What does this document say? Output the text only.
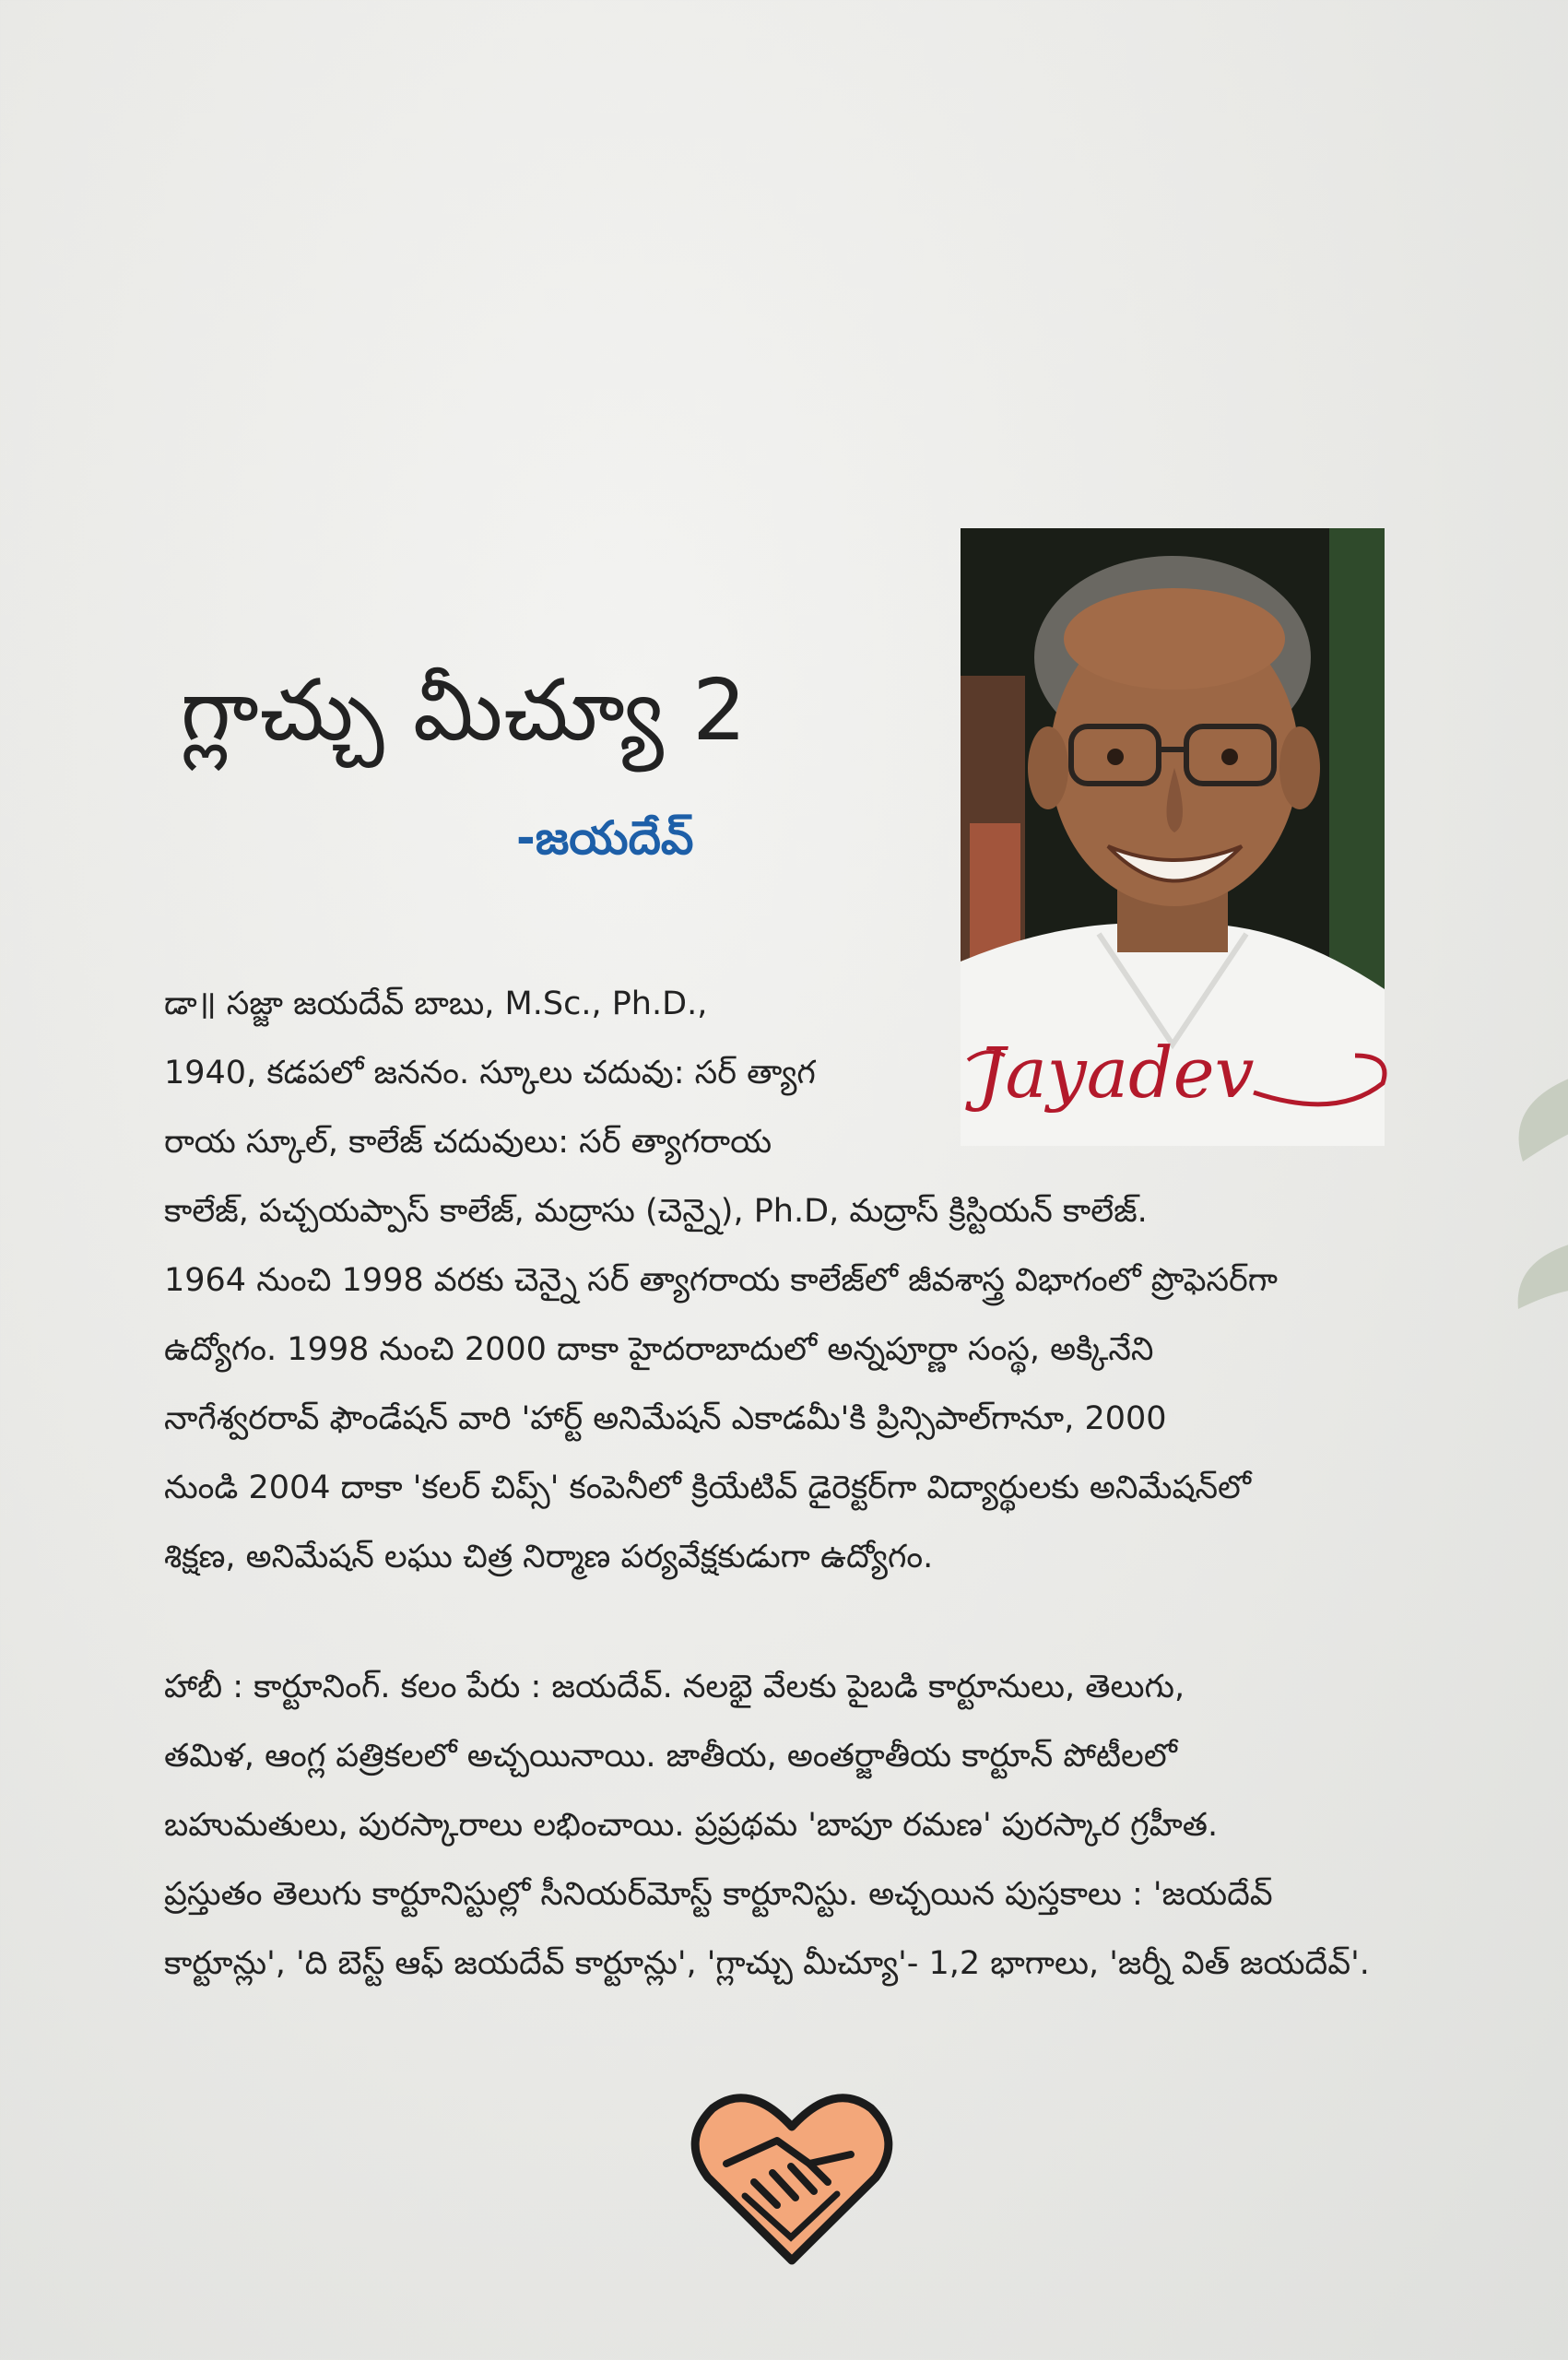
గ్లాచ్చు మీచ్యూ 2
-జయదేవ్
Jayadev
డా॥ సజ్జా జయదేవ్ బాబు, M.Sc., Ph.D.,
1940, కడపలో జననం. స్కూలు చదువు: సర్ త్యాగ
రాయ స్కూల్, కాలేజ్ చదువులు: సర్ త్యాగరాయ
కాలేజ్, పచ్చయప్పాస్ కాలేజ్, మద్రాసు (చెన్నై), Ph.D, మద్రాస్ క్రిస్టియన్ కాలేజ్.
1964 నుంచి 1998 వరకు చెన్నై సర్ త్యాగరాయ కాలేజ్‌లో జీవశాస్త్ర విభాగంలో ప్రొఫెసర్‌గా
ఉద్యోగం. 1998 నుంచి 2000 దాకా హైదరాబాదులో అన్నపూర్ణా సంస్థ, అక్కినేని
నాగేశ్వరరావ్ ఫౌండేషన్ వారి 'హార్ట్ అనిమేషన్ ఎకాడమీ'కి ప్రిన్సిపాల్‌గానూ, 2000
నుండి 2004 దాకా 'కలర్ చిప్స్' కంపెనీలో క్రియేటివ్ డైరెక్టర్‌గా విద్యార్థులకు అనిమేషన్‌లో
శిక్షణ, అనిమేషన్ లఘు చిత్ర నిర్మాణ పర్యవేక్షకుడుగా ఉద్యోగం.
హాబీ : కార్టూనింగ్. కలం పేరు : జయదేవ్. నలభై వేలకు పైబడి కార్టూనులు, తెలుగు,
తమిళ, ఆంగ్ల పత్రికలలో అచ్చయినాయి. జాతీయ, అంతర్జాతీయ కార్టూన్ పోటీలలో
బహుమతులు, పురస్కారాలు లభించాయి. ప్రప్రథమ 'బాపూ రమణ' పురస్కార గ్రహీత.
ప్రస్తుతం తెలుగు కార్టూనిస్టుల్లో సీనియర్‌మోస్ట్ కార్టూనిస్టు. అచ్చయిన పుస్తకాలు : 'జయదేవ్
కార్టూన్లు', 'ది బెస్ట్ ఆఫ్ జయదేవ్ కార్టూన్లు', 'గ్లాచ్చు మీచ్యూ'- 1,2 భాగాలు, 'జర్నీ విత్ జయదేవ్'.
